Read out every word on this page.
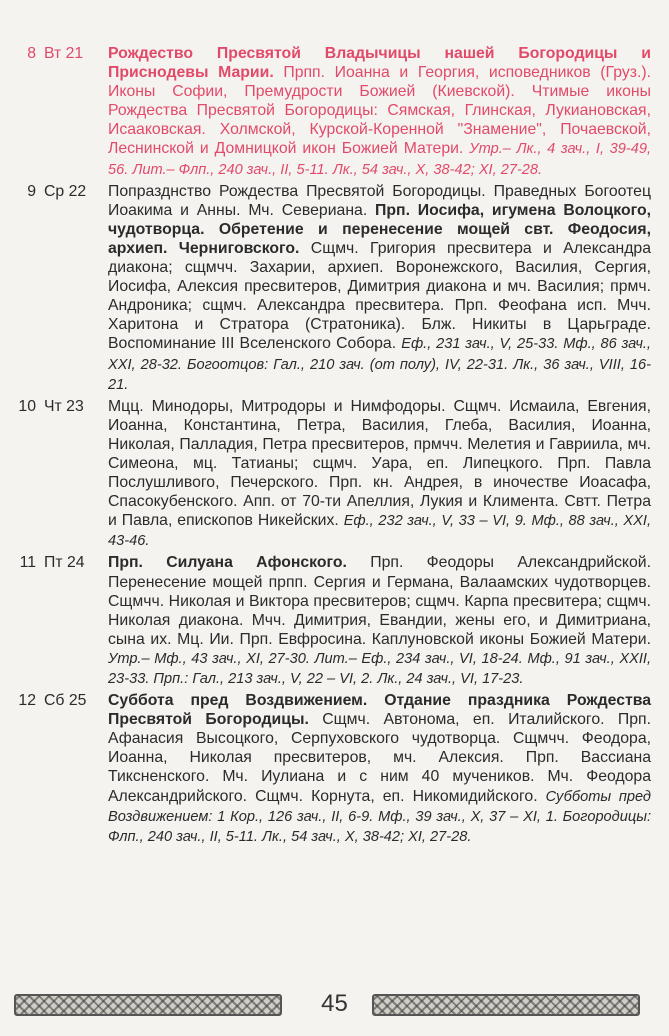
8 Вт 21	Рождество Пресвятой Владычицы нашей Богородицы и Приснодевы Марии. Прпп. Иоанна и Георгия, исповедников (Груз.). Иконы Софии, Премудрости Божией (Киевской). Чтимые иконы Рождества Пресвятой Богородицы: Сямская, Глинская, Лукиановская, Исааковская. Холмской, Курской-Коренной "Знамение", Почаевской, Леснинской и Домницкой икон Божией Матери. Утр.– Лк., 4 зач., I, 39-49, 56. Лит.– Флп., 240 зач., II, 5-11. Лк., 54 зач., X, 38-42; XI, 27-28.
9 Ср 22	Попразднство Рождества Пресвятой Богородицы. Праведных Богоотец Иоакима и Анны. Мч. Севериана. Прп. Иосифа, игумена Волоцкого, чудотворца. Обретение и перенесение мощей свт. Феодосия, архиеп. Черниговского. Сщмч. Григория пресвитера и Александра диакона; сщмчч. Захарии, архиеп. Воронежского, Василия, Сергия, Иосифа, Алексия пресвитеров, Димитрия диакона и мч. Василия; прмч. Андроника; сщмч. Александра пресвитера. Прп. Феофана исп. Мчч. Харитона и Стратора (Стратоника). Блж. Никиты в Царьграде. Воспоминание III Вселенского Собора. Еф., 231 зач., V, 25-33. Мф., 86 зач., XXI, 28-32. Богоотцов: Гал., 210 зач. (от полу), IV, 22-31. Лк., 36 зач., VIII, 16-21.
10 Чт 23	Мцц. Минодоры, Митродоры и Нимфодоры. Сщмч. Исмаила, Евгения, Иоанна, Константина, Петра, Василия, Глеба, Василия, Иоанна, Николая, Палладия, Петра пресвитеров, прмчч. Мелетия и Гавриила, мч. Симеона, мц. Татианы; сщмч. Уара, еп. Липецкого. Прп. Павла Послушливого, Печерского. Прп. кн. Андрея, в иночестве Иоасафа, Спасокубенского. Апп. от 70-ти Апеллия, Лукия и Климента. Свтт. Петра и Павла, епископов Никейских. Еф., 232 зач., V, 33 – VI, 9. Мф., 88 зач., XXI, 43-46.
11 Пт 24	Прп. Силуана Афонского. Прп. Феодоры Александрийской. Перенесение мощей прпп. Сергия и Германа, Валаамских чудотворцев. Сщмчч. Николая и Виктора пресвитеров; сщмч. Карпа пресвитера; сщмч. Николая диакона. Мчч. Димитрия, Евандии, жены его, и Димитриана, сына их. Мц. Ии. Прп. Евфросина. Каплуновской иконы Божией Матери. Утр.– Мф., 43 зач., XI, 27-30. Лит.– Еф., 234 зач., VI, 18-24. Мф., 91 зач., XXII, 23-33. Прп.: Гал., 213 зач., V, 22 – VI, 2. Лк., 24 зач., VI, 17-23.
12 Сб 25	Суббота пред Воздвижением. Отдание праздника Рождества Пресвятой Богородицы. Сщмч. Автонома, еп. Италийского. Прп. Афанасия Высоцкого, Серпуховского чудотворца. Сщмчч. Феодора, Иоанна, Николая пресвитеров, мч. Алексия. Прп. Вассиана Тиксненского. Мч. Иулиана и с ним 40 мучеников. Мч. Феодора Александрийского. Сщмч. Корнута, еп. Никомидийского. Субботы пред Воздвижением: 1 Кор., 126 зач., II, 6-9. Мф., 39 зач., X, 37 – XI, 1. Богородицы: Флп., 240 зач., II, 5-11. Лк., 54 зач., X, 38-42; XI, 27-28.
45
